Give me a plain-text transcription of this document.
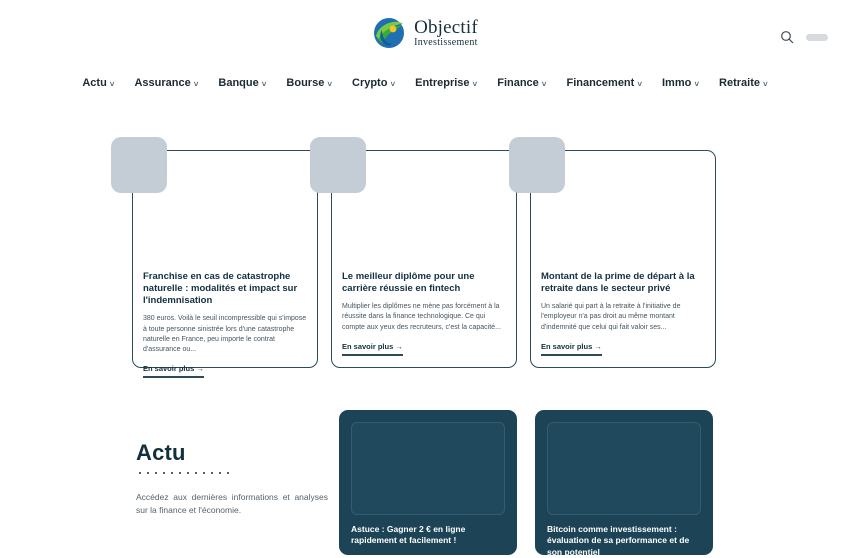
Objectif
Investissement
Actu ˅ Assurance ˅ Banque ˅ Bourse ˅ Crypto ˅ Entreprise ˅ Finance ˅ Financement ˅ Immo ˅ Retraite ˅
Franchise en cas de catastrophe naturelle : modalités et impact sur l'indemnisation
380 euros. Voilà le seuil incompressible qui s'impose à toute personne sinistrée lors d'une catastrophe naturelle en France, peu importe le contrat d'assurance ou...
En savoir plus →
Le meilleur diplôme pour une carrière réussie en fintech
Multiplier les diplômes ne mène pas forcément à la réussite dans la finance technologique. Ce qui compte aux yeux des recruteurs, c'est la capacité...
En savoir plus →
Montant de la prime de départ à la retraite dans le secteur privé
Un salarié qui part à la retraite à l'initiative de l'employeur n'a pas droit au même montant d'indemnité que celui qui fait valoir ses...
En savoir plus →
Actu
Accédez aux dernières informations et analyses sur la finance et l'économie.
Astuce : Gagner 2 € en ligne rapidement et facilement !
Bitcoin comme investissement : évaluation de sa performance et de son potentiel
